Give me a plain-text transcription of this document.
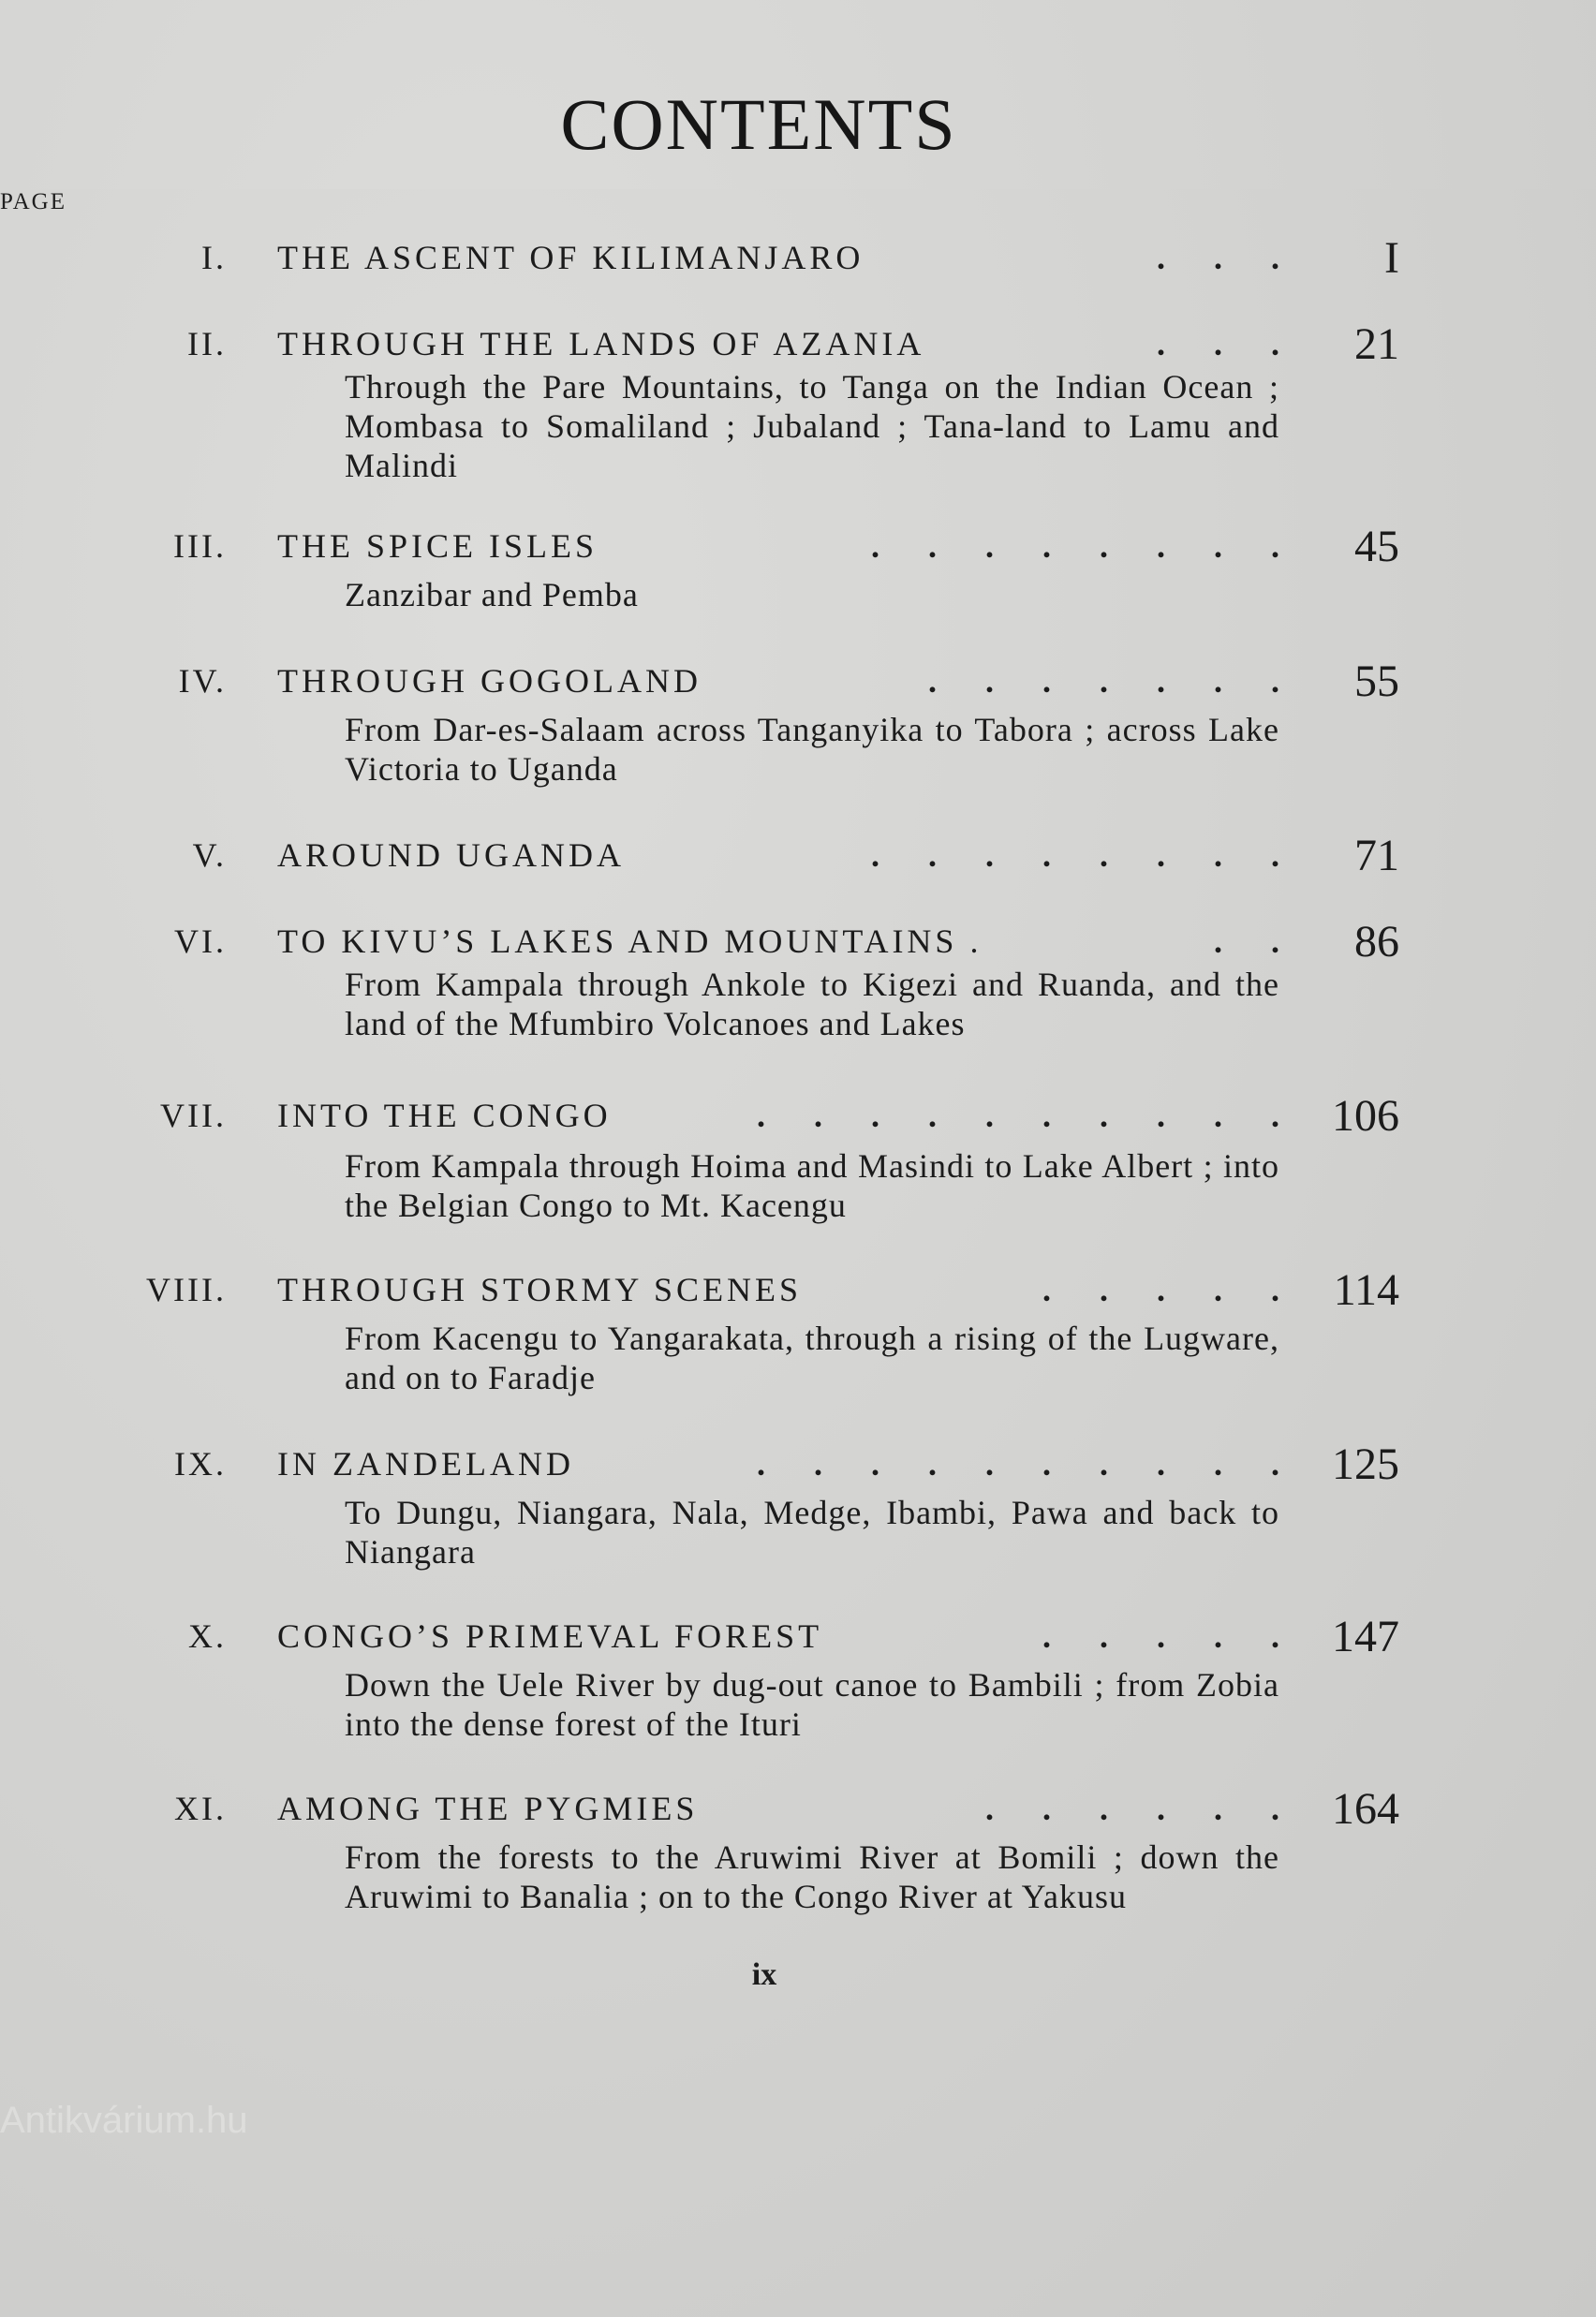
CONTENTS
PAGE
I. THE ASCENT OF KILIMANJARO	. . . I
II. THROUGH THE LANDS OF AZANIA	. . . 21
Through the Pare Mountains, to Tanga on the Indian Ocean ; Mombasa to Somaliland ; Jubaland ; Tana-land to Lamu and Malindi
III. THE SPICE ISLES	. . . . . . . . 45
Zanzibar and Pemba
IV. THROUGH GOGOLAND	. . . . . . . 55
From Dar-es-Salaam across Tanganyika to Tabora ; across Lake Victoria to Uganda
V. AROUND UGANDA	. . . . . . . . 71
VI. TO KIVU’S LAKES AND MOUNTAINS .	. . 86
From Kampala through Ankole to Kigezi and Ruanda, and the land of the Mfumbiro Volcanoes and Lakes
VII. INTO THE CONGO	. . . . . . . . . . 106
From Kampala through Hoima and Masindi to Lake Albert ; into the Belgian Congo to Mt. Kacengu
VIII. THROUGH STORMY SCENES	. . . . . 114
From Kacengu to Yangarakata, through a rising of the Lugware, and on to Faradje
IX. IN ZANDELAND	. . . . . . . . . . 125
To Dungu, Niangara, Nala, Medge, Ibambi, Pawa and back to Niangara
X. CONGO’S PRIMEVAL FOREST	. . . . . 147
Down the Uele River by dug-out canoe to Bambili ; from Zobia into the dense forest of the Ituri
XI. AMONG THE PYGMIES	. . . . . . 164
From the forests to the Aruwimi River at Bomili ; down the Aruwimi to Banalia ; on to the Congo River at Yakusu
ix
Antikvárium.hu
